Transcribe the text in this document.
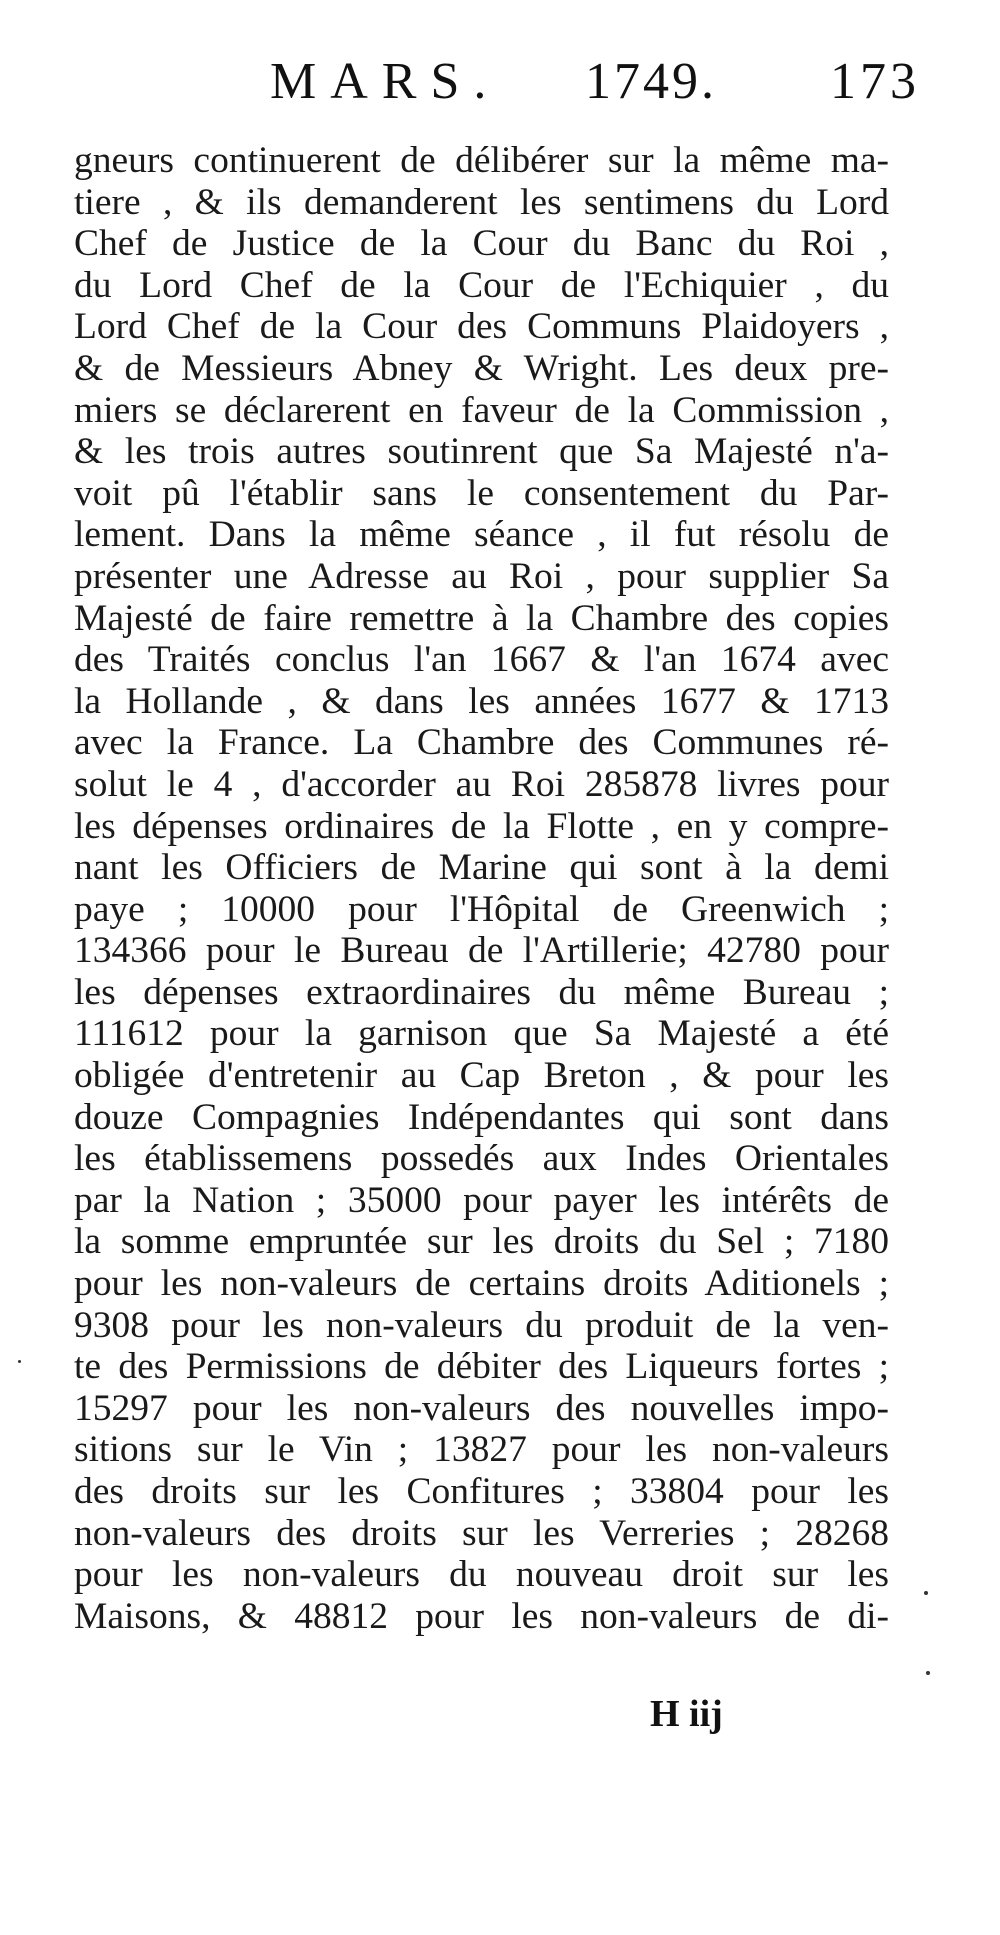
MARS. 1749. 173
gneurs continuerent de délibérer sur la même ma-
tiere , & ils demanderent les sentimens du Lord
Chef de Justice de la Cour du Banc du Roi ,
du Lord Chef de la Cour de l'Echiquier , du
Lord Chef de la Cour des Communs Plaidoyers ,
& de Messieurs Abney & Wright. Les deux pre-
miers se déclarerent en faveur de la Commission ,
& les trois autres soutinrent que Sa Majesté n'a-
voit pû l'établir sans le consentement du Par-
lement. Dans la même séance , il fut résolu de
présenter une Adresse au Roi , pour supplier Sa
Majesté de faire remettre à la Chambre des copies
des Traités conclus l'an 1667 & l'an 1674 avec
la Hollande , & dans les années 1677 & 1713
avec la France. La Chambre des Communes ré-
solut le 4 , d'accorder au Roi 285878 livres pour
les dépenses ordinaires de la Flotte , en y compre-
nant les Officiers de Marine qui sont à la demi
paye ; 10000 pour l'Hôpital de Greenwich ;
134366 pour le Bureau de l'Artillerie; 42780 pour
les dépenses extraordinaires du même Bureau ;
111612 pour la garnison que Sa Majesté a été
obligée d'entretenir au Cap Breton , & pour les
douze Compagnies Indépendantes qui sont dans
les établissemens possedés aux Indes Orientales
par la Nation ; 35000 pour payer les intérêts de
la somme empruntée sur les droits du Sel ; 7180
pour les non-valeurs de certains droits Aditionels ;
9308 pour les non-valeurs du produit de la ven-
te des Permissions de débiter des Liqueurs fortes ;
15297 pour les non-valeurs des nouvelles impo-
sitions sur le Vin ; 13827 pour les non-valeurs
des droits sur les Confitures ; 33804 pour les
non-valeurs des droits sur les Verreries ; 28268
pour les non-valeurs du nouveau droit sur les
Maisons, & 48812 pour les non-valeurs de di-
H iij
